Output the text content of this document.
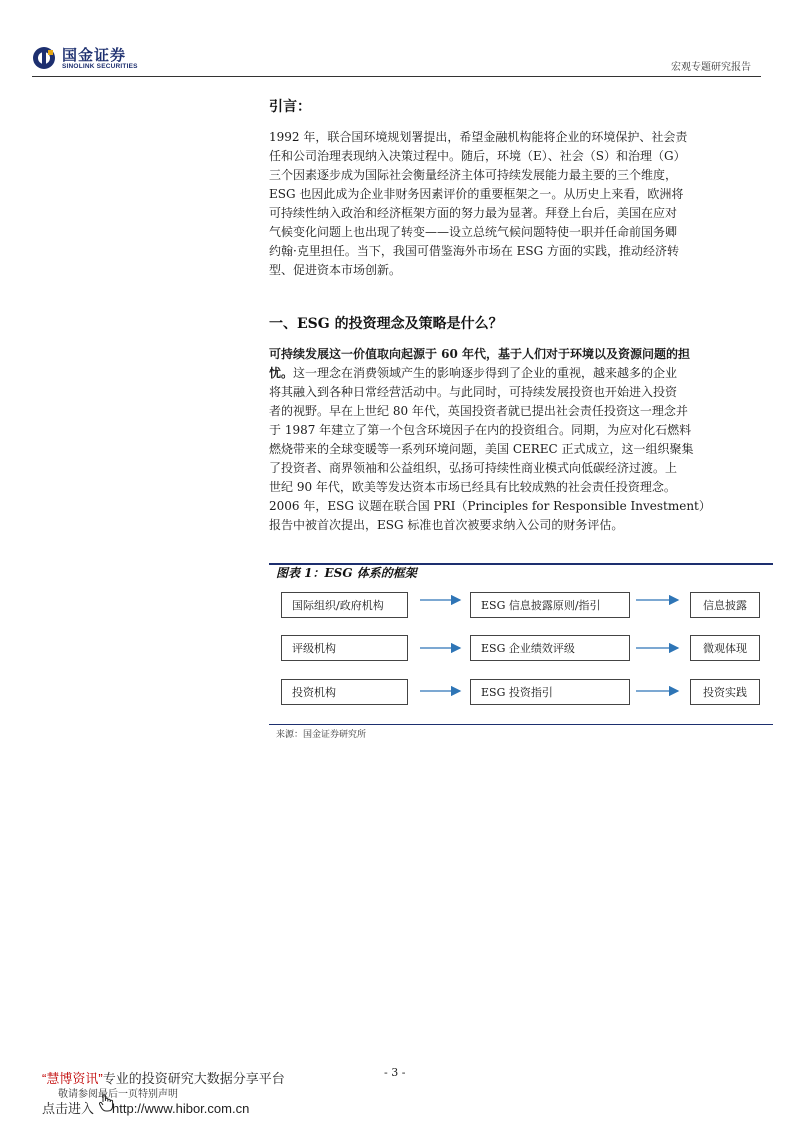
国金证券
SINOLINK SECURITIES	宏观专题研究报告
引言：
1992 年，联合国环境规划署提出，希望金融机构能将企业的环境保护、社会责
任和公司治理表现纳入决策过程中。随后，环境（E）、社会（S）和治理（G）
三个因素逐步成为国际社会衡量经济主体可持续发展能力最主要的三个维度，
ESG 也因此成为企业非财务因素评价的重要框架之一。从历史上来看，欧洲将
可持续性纳入政治和经济框架方面的努力最为显著。拜登上台后，美国在应对
气候变化问题上也出现了转变——设立总统气候问题特使一职并任命前国务卿
约翰·克里担任。当下，我国可借鉴海外市场在 ESG 方面的实践，推动经济转
型、促进资本市场创新。
一、ESG 的投资理念及策略是什么？
可持续发展这一价值取向起源于 60 年代，基于人们对于环境以及资源问题的担
忧。这一理念在消费领域产生的影响逐步得到了企业的重视，越来越多的企业
将其融入到各种日常经营活动中。与此同时，可持续发展投资也开始进入投资
者的视野。早在上世纪 80 年代，英国投资者就已提出社会责任投资这一理念并
于 1987 年建立了第一个包含环境因子在内的投资组合。同期，为应对化石燃料
燃烧带来的全球变暖等一系列环境问题，美国 CEREC 正式成立，这一组织聚集
了投资者、商界领袖和公益组织，弘扬可持续性商业模式向低碳经济过渡。上
世纪 90 年代，欧美等发达资本市场已经具有比较成熟的社会责任投资理念。
2006 年，ESG 议题在联合国 PRI（Principles for Responsible Investment）
报告中被首次提出，ESG 标准也首次被要求纳入公司的财务评估。
图表 1：ESG 体系的框架
国际组织/政府机构	ESG 信息披露原则/指引	信息披露
评级机构	ESG 企业绩效评级	微观体现
投资机构	ESG 投资指引	投资实践
来源：国金证券研究所
- 3 -
“慧博资讯”专业的投资研究大数据分享平台
敬请参阅最后一页特别声明
点击进入 http://www.hibor.com.cn
